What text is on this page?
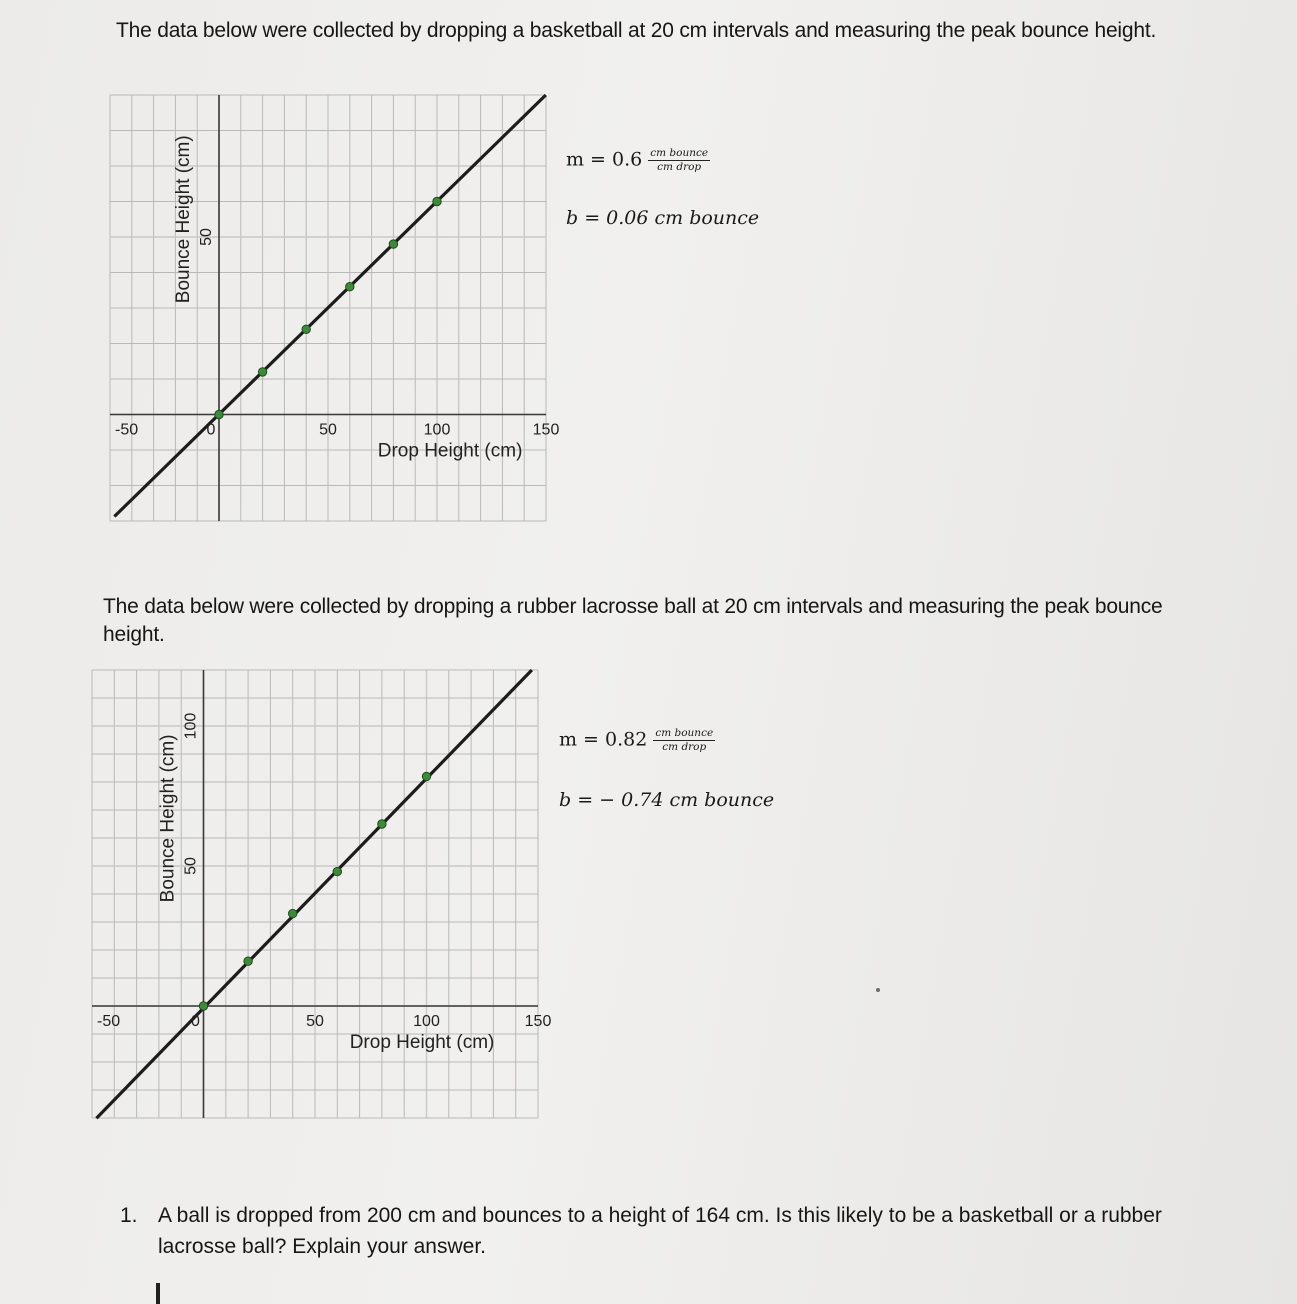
The data below were collected by dropping a basketball at 20 cm intervals and measuring the peak bounce height.

-50	0	50	100	150
50
Drop Height (cm)
Bounce Height (cm)	$m = 0.6 \frac{\text{cm bounce}}{\text{cm drop}}$
b = 0.06 cm bounce

The data below were collected by dropping a rubber lacrosse ball at 20 cm intervals and measuring the peak bounce height.

-50	0	50	100	150
50
100
Drop Height (cm)
Bounce Height (cm)	$m = 0.82 \frac{\text{cm bounce}}{\text{cm drop}}$
b = − 0.74 cm bounce
1. A ball is dropped from 200 cm and bounces to a height of 164 cm. Is this likely to be a basketball or a rubber lacrosse ball? Explain your answer.
